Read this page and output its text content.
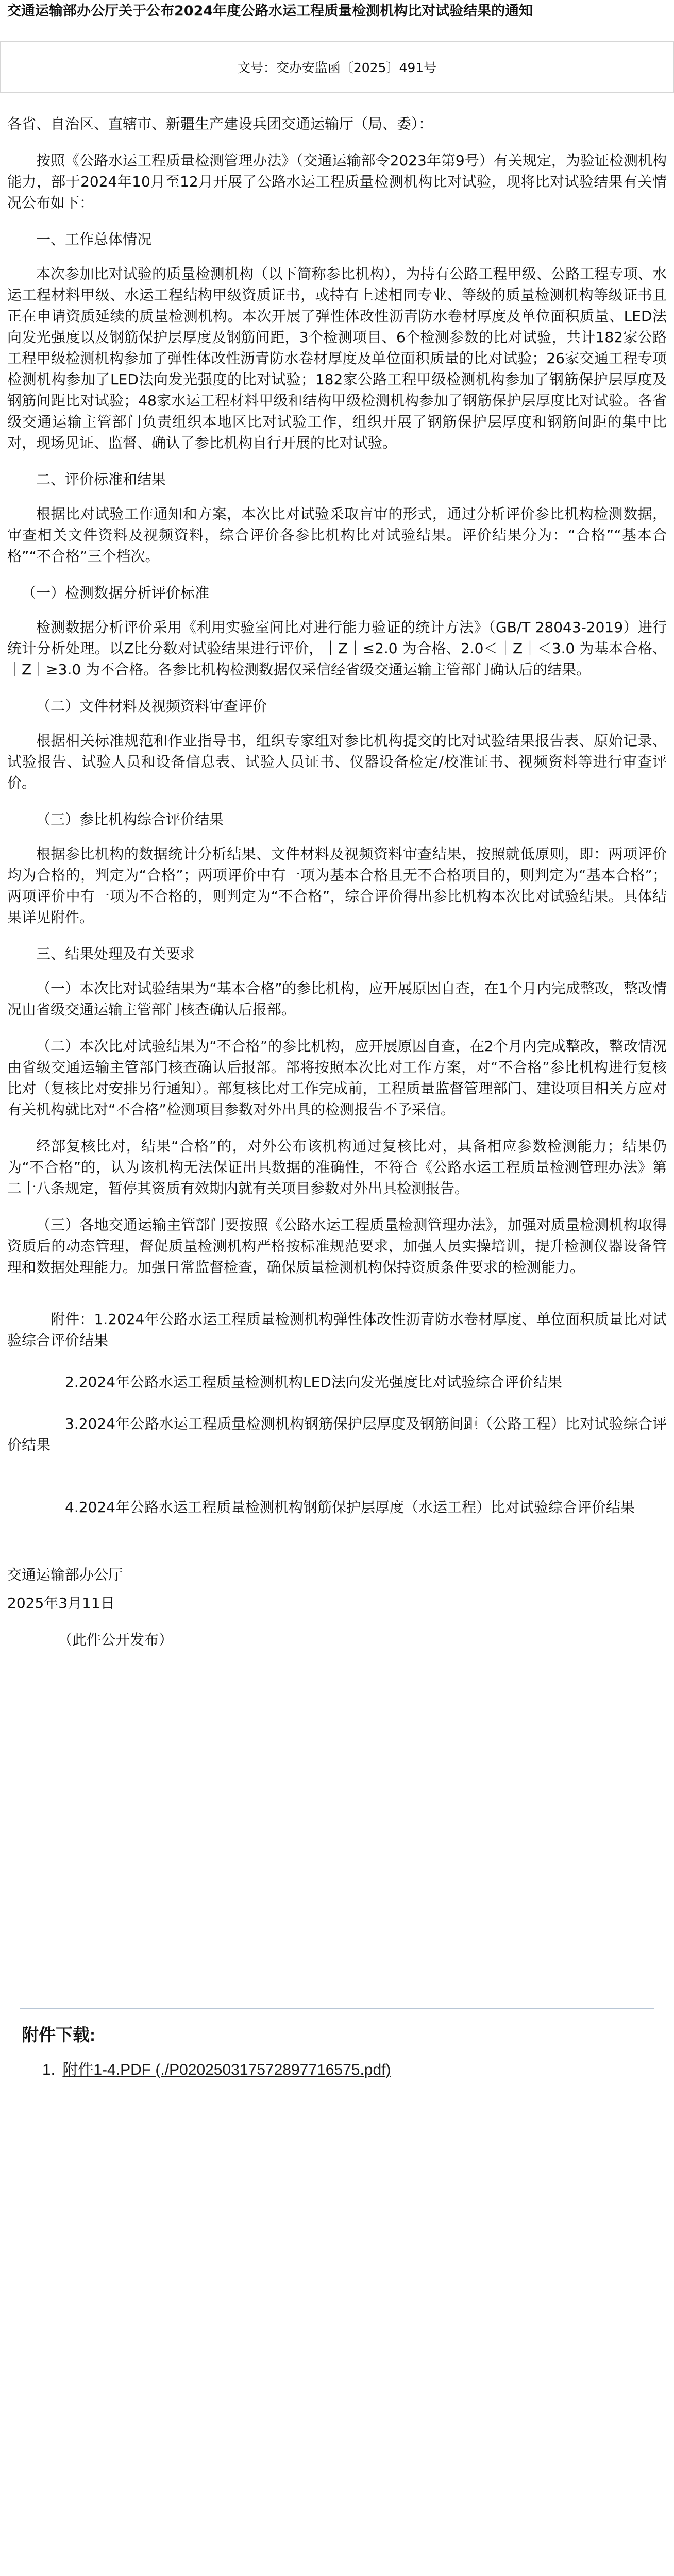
交通运输部办公厅关于公布2024年度公路水运工程质量检测机构比对试验结果的通知
文号：交办安监函〔2025〕491号

各省、自治区、直辖市、新疆生产建设兵团交通运输厅（局、委）：

按照《公路水运工程质量检测管理办法》（交通运输部令2023年第9号）有关规定，为验证检测机构能力，部于2024年10月至12月开展了公路水运工程质量检测机构比对试验，现将比对试验结果有关情况公布如下：

一、工作总体情况

本次参加比对试验的质量检测机构（以下简称参比机构），为持有公路工程甲级、公路工程专项、水运工程材料甲级、水运工程结构甲级资质证书，或持有上述相同专业、等级的质量检测机构等级证书且正在申请资质延续的质量检测机构。本次开展了弹性体改性沥青防水卷材厚度及单位面积质量、LED法向发光强度以及钢筋保护层厚度及钢筋间距，3个检测项目、6个检测参数的比对试验，共计182家公路工程甲级检测机构参加了弹性体改性沥青防水卷材厚度及单位面积质量的比对试验；26家交通工程专项检测机构参加了LED法向发光强度的比对试验；182家公路工程甲级检测机构参加了钢筋保护层厚度及钢筋间距比对试验；48家水运工程材料甲级和结构甲级检测机构参加了钢筋保护层厚度比对试验。各省级交通运输主管部门负责组织本地区比对试验工作，组织开展了钢筋保护层厚度和钢筋间距的集中比对，现场见证、监督、确认了参比机构自行开展的比对试验。

二、评价标准和结果

根据比对试验工作通知和方案，本次比对试验采取盲审的形式，通过分析评价参比机构检测数据，审查相关文件资料及视频资料，综合评价各参比机构比对试验结果。评价结果分为：“合格”“基本合格”“不合格”三个档次。

（一）检测数据分析评价标准

检测数据分析评价采用《利用实验室间比对进行能力验证的统计方法》（GB/T 28043-2019）进行统计分析处理。以Z比分数对试验结果进行评价，｜Z｜≤2.0 为合格、2.0＜｜Z｜＜3.0 为基本合格、｜Z｜≥3.0 为不合格。各参比机构检测数据仅采信经省级交通运输主管部门确认后的结果。

（二）文件材料及视频资料审查评价

根据相关标准规范和作业指导书，组织专家组对参比机构提交的比对试验结果报告表、原始记录、试验报告、试验人员和设备信息表、试验人员证书、仪器设备检定/校准证书、视频资料等进行审查评价。

（三）参比机构综合评价结果

根据参比机构的数据统计分析结果、文件材料及视频资料审查结果，按照就低原则，即：两项评价均为合格的，判定为“合格”；两项评价中有一项为基本合格且无不合格项目的，则判定为“基本合格”；两项评价中有一项为不合格的，则判定为“不合格”，综合评价得出参比机构本次比对试验结果。具体结果详见附件。

三、结果处理及有关要求

（一）本次比对试验结果为“基本合格”的参比机构，应开展原因自查，在1个月内完成整改，整改情况由省级交通运输主管部门核查确认后报部。

（二）本次比对试验结果为“不合格”的参比机构，应开展原因自查，在2个月内完成整改，整改情况由省级交通运输主管部门核查确认后报部。部将按照本次比对工作方案，对“不合格”参比机构进行复核比对（复核比对安排另行通知）。部复核比对工作完成前，工程质量监督管理部门、建设项目相关方应对有关机构就比对“不合格”检测项目参数对外出具的检测报告不予采信。

经部复核比对，结果“合格”的，对外公布该机构通过复核比对，具备相应参数检测能力；结果仍为“不合格”的，认为该机构无法保证出具数据的准确性，不符合《公路水运工程质量检测管理办法》第二十八条规定，暂停其资质有效期内就有关项目参数对外出具检测报告。

（三）各地交通运输主管部门要按照《公路水运工程质量检测管理办法》，加强对质量检测机构取得资质后的动态管理，督促质量检测机构严格按标准规范要求，加强人员实操培训，提升检测仪器设备管理和数据处理能力。加强日常监督检查，确保质量检测机构保持资质条件要求的检测能力。

附件：1.2024年公路水运工程质量检测机构弹性体改性沥青防水卷材厚度、单位面积质量比对试验综合评价结果

2.2024年公路水运工程质量检测机构LED法向发光强度比对试验综合评价结果

3.2024年公路水运工程质量检测机构钢筋保护层厚度及钢筋间距（公路工程）比对试验综合评价结果

4.2024年公路水运工程质量检测机构钢筋保护层厚度（水运工程）比对试验综合评价结果

交通运输部办公厅

2025年3月11日

（此件公开发布）

附件下载:

1. 附件1-4.PDF (./P020250317572897716575.pdf)
